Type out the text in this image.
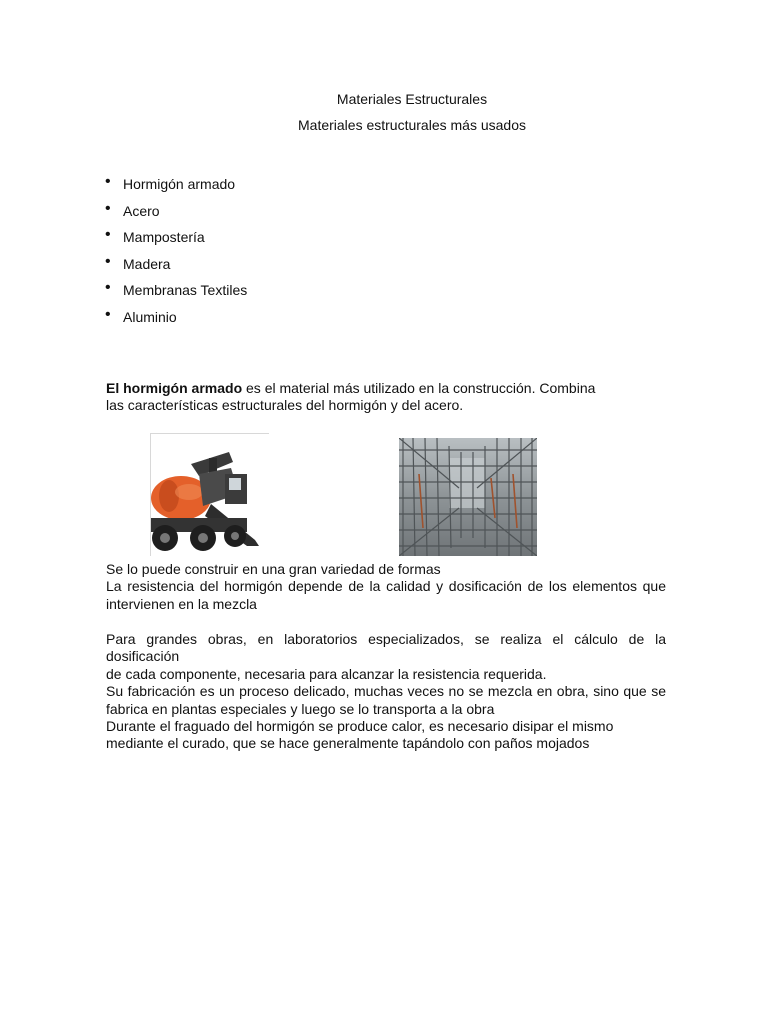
Materiales Estructurales
Materiales estructurales más usados
• Hormigón armado
• Acero
• Mampostería
• Madera
• Membranas Textiles
• Aluminio

El hormigón armado es el material más utilizado en la construcción. Combina
las características estructurales del hormigón y del acero.

Se lo puede construir en una gran variedad de formas
La resistencia del hormigón depende de la calidad y dosificación de los elementos que intervienen en la mezcla
Para grandes obras, en laboratorios especializados, se realiza el cálculo de la dosificación
de cada componente, necesaria para alcanzar la resistencia requerida.
Su fabricación es un proceso delicado, muchas veces no se mezcla en obra, sino que se
fabrica en plantas especiales y luego se lo transporta a la obra
Durante el fraguado del hormigón se produce calor, es necesario disipar el mismo
mediante el curado, que se hace generalmente tapándolo con paños mojados
